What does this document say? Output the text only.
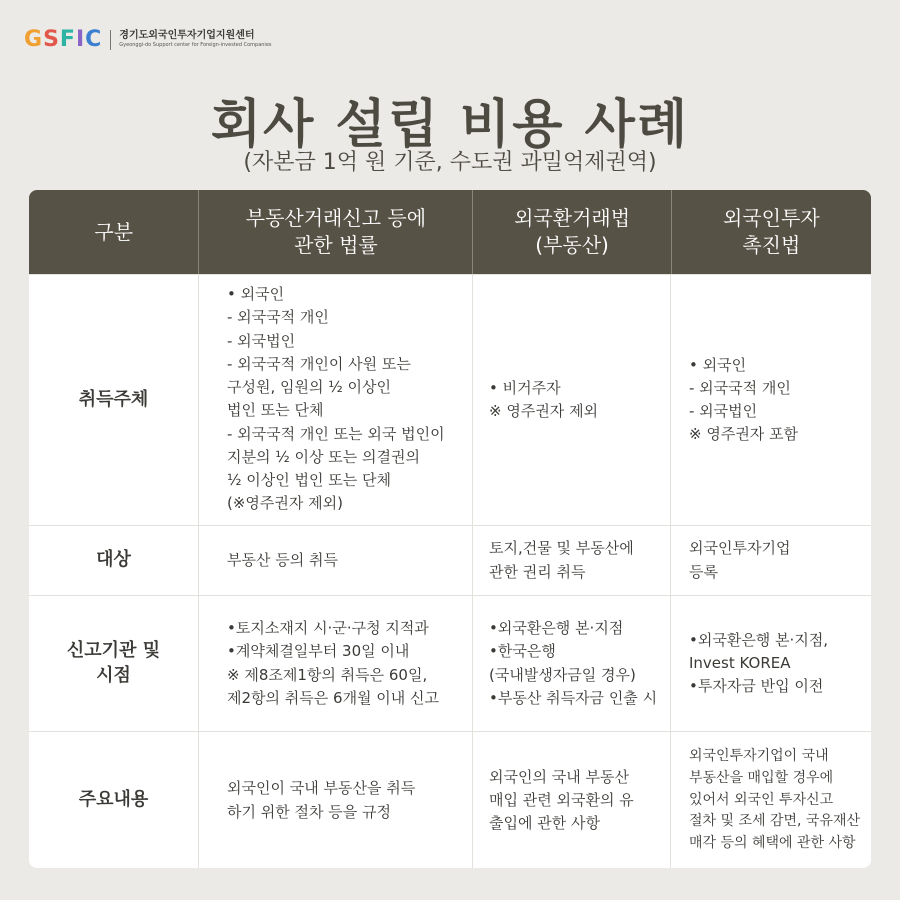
G S F I C 경기도외국인투자기업지원센터
Gyeonggi-do Support center for Foreign-invested Companies
회사 설립 비용 사례
(자본금 1억 원 기준, 수도권 과밀억제권역)
구분
부동산거래신고 등에
관한 법률
외국환거래법
(부동산)
외국인투자
촉진법
취득주체
• 외국인
- 외국국적 개인
- 외국법인
- 외국국적 개인이 사원 또는
구성원, 임원의 ½ 이상인
법인 또는 단체
- 외국국적 개인 또는 외국 법인이
지분의 ½ 이상 또는 의결권의
½ 이상인 법인 또는 단체
(※영주권자 제외)
• 비거주자
※ 영주권자 제외
• 외국인
- 외국국적 개인
- 외국법인
※ 영주권자 포함
대상	부동산 등의 취득
토지,건물 및 부동산에
관한 권리 취득
외국인투자기업
등록
신고기관 및
시점
•토지소재지 시·군·구청 지적과
•계약체결일부터 30일 이내
※ 제8조제1항의 취득은 60일,
제2항의 취득은 6개월 이내 신고
•외국환은행 본·지점
•한국은행
(국내발생자금일 경우)
•부동산 취득자금 인출 시
•외국환은행 본·지점,
Invest KOREA
•투자자금 반입 이전
주요내용
외국인이 국내 부동산을 취득
하기 위한 절차 등을 규정
외국인의 국내 부동산
매입 관련 외국환의 유
출입에 관한 사항
외국인투자기업이 국내
부동산을 매입할 경우에
있어서 외국인 투자신고
절차 및 조세 감면, 국유재산
매각 등의 혜택에 관한 사항
